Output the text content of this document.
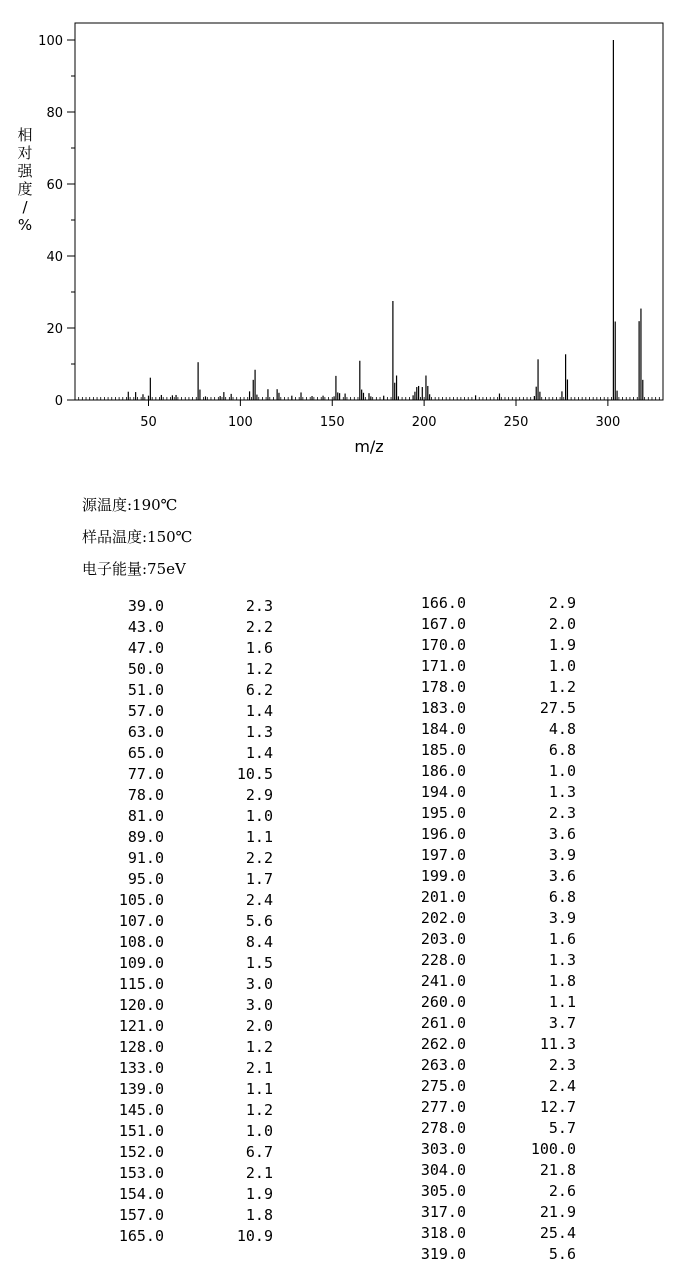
0
20
40
60
80
100
50	100	150	200	250	300
m/z
相对强度/ %
源温度:190℃
样品温度:150℃
电子能量:75eV
39.0	2.3
43.0	2.2
47.0	1.6
50.0	1.2
51.0	6.2
57.0	1.4
63.0	1.3
65.0	1.4
77.0	10.5
78.0	2.9
81.0	1.0
89.0	1.1
91.0	2.2
95.0	1.7
105.0	2.4
107.0	5.6
108.0	8.4
109.0	1.5
115.0	3.0
120.0	3.0
121.0	2.0
128.0	1.2
133.0	2.1
139.0	1.1
145.0	1.2
151.0	1.0
152.0	6.7
153.0	2.1
154.0	1.9
157.0	1.8
165.0	10.9
166.0	2.9
167.0	2.0
170.0	1.9
171.0	1.0
178.0	1.2
183.0	27.5
184.0	4.8
185.0	6.8
186.0	1.0
194.0	1.3
195.0	2.3
196.0	3.6
197.0	3.9
199.0	3.6
201.0	6.8
202.0	3.9
203.0	1.6
228.0	1.3
241.0	1.8
260.0	1.1
261.0	3.7
262.0	11.3
263.0	2.3
275.0	2.4
277.0	12.7
278.0	5.7
303.0	100.0
304.0	21.8
305.0	2.6
317.0	21.9
318.0	25.4
319.0	5.6
